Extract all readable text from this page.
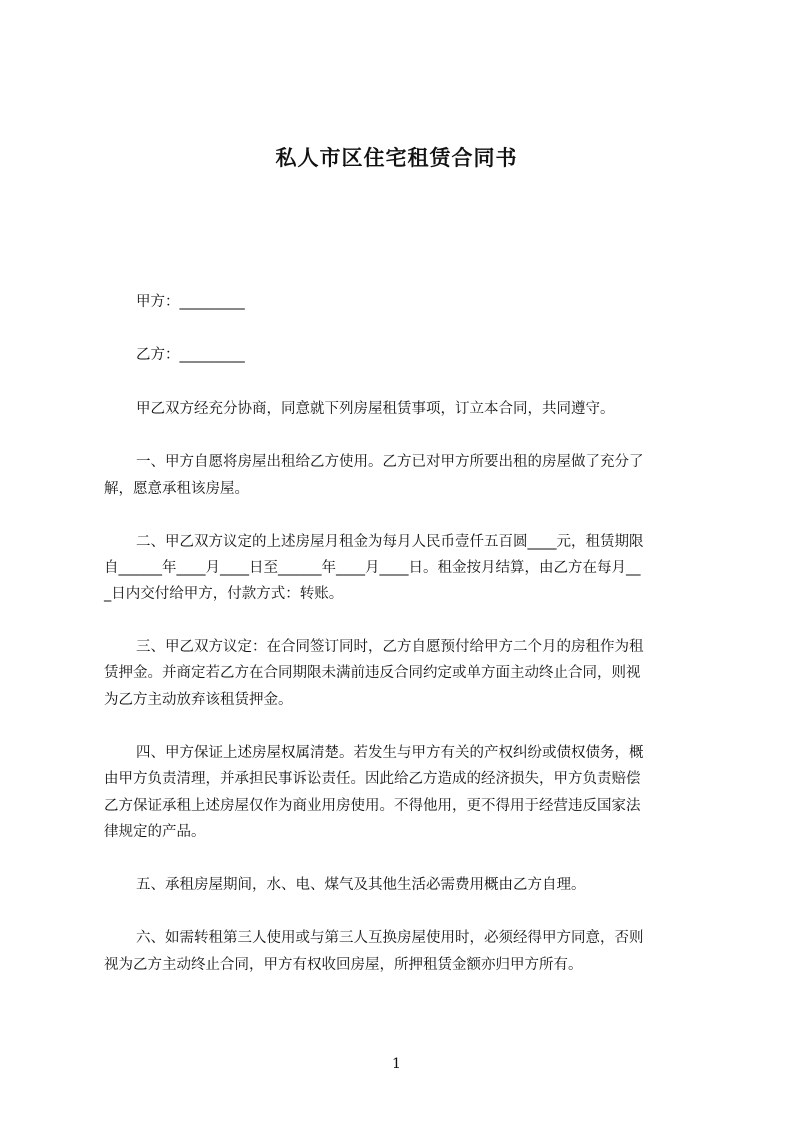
私人市区住宅租赁合同书
甲方：_________
乙方：_________
甲乙双方经充分协商，同意就下列房屋租赁事项，订立本合同，共同遵守。
一、甲方自愿将房屋出租给乙方使用。乙方已对甲方所要出租的房屋做了充分了
解，愿意承租该房屋。
二、甲乙双方议定的上述房屋月租金为每月人民币壹仟五百圆____元，租赁期限
自______年____月____日至______年____月____日。租金按月结算，由乙方在每月__
_日内交付给甲方，付款方式：转账。
三、甲乙双方议定：在合同签订同时，乙方自愿预付给甲方二个月的房租作为租
赁押金。并商定若乙方在合同期限未满前违反合同约定或单方面主动终止合同，则视
为乙方主动放弃该租赁押金。
四、甲方保证上述房屋权属清楚。若发生与甲方有关的产权纠纷或债权债务，概
由甲方负责清理，并承担民事诉讼责任。因此给乙方造成的经济损失，甲方负责赔偿
乙方保证承租上述房屋仅作为商业用房使用。不得他用，更不得用于经营违反国家法
律规定的产品。
五、承租房屋期间，水、电、煤气及其他生活必需费用概由乙方自理。
六、如需转租第三人使用或与第三人互换房屋使用时，必须经得甲方同意，否则
视为乙方主动终止合同，甲方有权收回房屋，所押租赁金额亦归甲方所有。
1
